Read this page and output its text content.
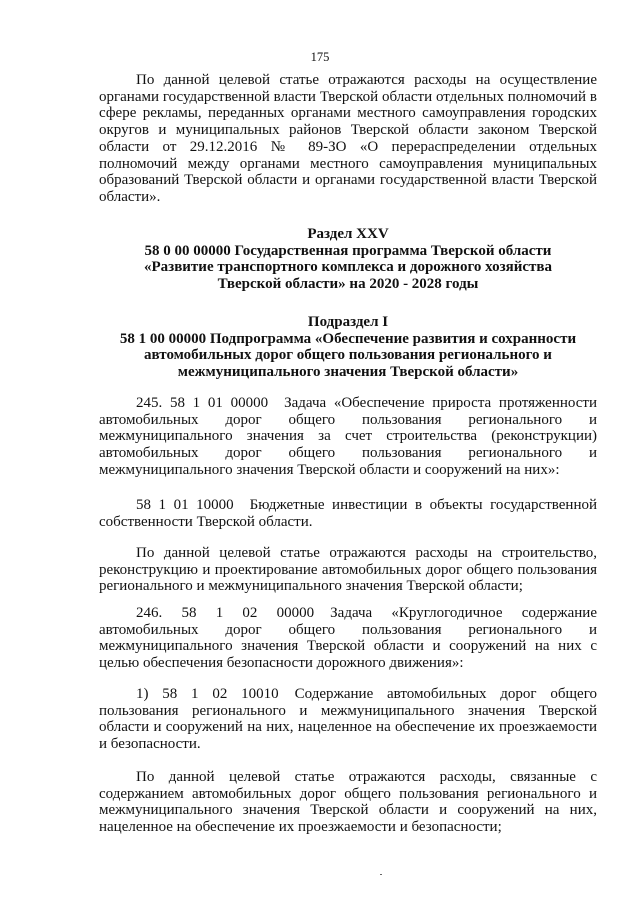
175
По данной целевой статье отражаются расходы на осуществление органами государственной власти Тверской области отдельных полномочий в сфере рекламы, переданных органами местного самоуправления городских округов и муниципальных районов Тверской области законом Тверской области от 29.12.2016 № 89-ЗО «О перераспределении отдельных полномочий между органами местного самоуправления муниципальных образований Тверской области и органами государственной власти Тверской области».
Раздел XXV
58 0 00 00000 Государственная программа Тверской области
«Развитие транспортного комплекса и дорожного хозяйства
Тверской области» на 2020 - 2028 годы
Подраздел I
58 1 00 00000 Подпрограмма «Обеспечение развития и сохранности
автомобильных дорог общего пользования регионального и
межмуниципального значения Тверской области»
245. 58 1 01 00000 Задача «Обеспечение прироста протяженности автомобильных дорог общего пользования регионального и межмуниципального значения за счет строительства (реконструкции) автомобильных дорог общего пользования регионального и межмуниципального значения Тверской области и сооружений на них»:
58 1 01 10000 Бюджетные инвестиции в объекты государственной собственности Тверской области.
По данной целевой статье отражаются расходы на строительство, реконструкцию и проектирование автомобильных дорог общего пользования регионального и межмуниципального значения Тверской области;
246. 58 1 02 00000 Задача «Круглогодичное содержание автомобильных дорог общего пользования регионального и межмуниципального значения Тверской области и сооружений на них с целью обеспечения безопасности дорожного движения»:
1) 58 1 02 10010 Содержание автомобильных дорог общего пользования регионального и межмуниципального значения Тверской области и сооружений на них, нацеленное на обеспечение их проезжаемости и безопасности.
По данной целевой статье отражаются расходы, связанные с содержанием автомобильных дорог общего пользования регионального и межмуниципального значения Тверской области и сооружений на них, нацеленное на обеспечение их проезжаемости и безопасности;
